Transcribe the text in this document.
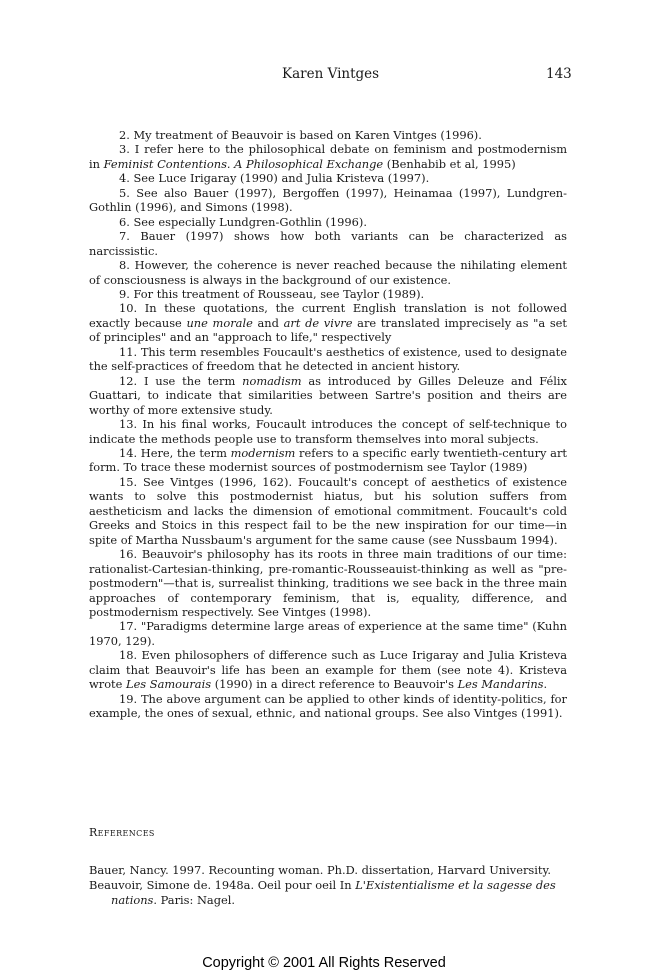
Karen Vintges	143

2. My treatment of Beauvoir is based on Karen Vintges (1996).

3. I refer here to the philosophical debate on feminism and postmodernism in Feminist Contentions. A Philosophical Exchange (Benhabib et al, 1995)

4. See Luce Irigaray (1990) and Julia Kristeva (1997).

5. See also Bauer (1997), Bergoffen (1997), Heinamaa (1997), Lundgren-Gothlin (1996), and Simons (1998).

6. See especially Lundgren-Gothlin (1996).

7. Bauer (1997) shows how both variants can be characterized as narcissistic.

8. However, the coherence is never reached because the nihilating element of consciousness is always in the background of our existence.

9. For this treatment of Rousseau, see Taylor (1989).

10. In these quotations, the current English translation is not followed exactly because une morale and art de vivre are translated imprecisely as "a set of principles" and an "approach to life," respectively

11. This term resembles Foucault's aesthetics of existence, used to designate the self-practices of freedom that he detected in ancient history.

12. I use the term nomadism as introduced by Gilles Deleuze and Félix Guattari, to indicate that similarities between Sartre's position and theirs are worthy of more extensive study.

13. In his final works, Foucault introduces the concept of self-technique to indicate the methods people use to transform themselves into moral subjects.

14. Here, the term modernism refers to a specific early twentieth-century art form. To trace these modernist sources of postmodernism see Taylor (1989)

15. See Vintges (1996, 162). Foucault's concept of aesthetics of existence wants to solve this postmodernist hiatus, but his solution suffers from aestheticism and lacks the dimension of emotional commitment. Foucault's cold Greeks and Stoics in this respect fail to be the new inspiration for our time—in spite of Martha Nussbaum's argument for the same cause (see Nussbaum 1994).

16. Beauvoir's philosophy has its roots in three main traditions of our time: rationalist-Cartesian-thinking, pre-romantic-Rousseauist-thinking as well as "pre-postmodern"—that is, surrealist thinking, traditions we see back in the three main approaches of contemporary feminism, that is, equality, difference, and postmodernism respectively. See Vintges (1998).

17. "Paradigms determine large areas of experience at the same time" (Kuhn 1970, 129).

18. Even philosophers of difference such as Luce Irigaray and Julia Kristeva claim that Beauvoir's life has been an example for them (see note 4). Kristeva wrote Les Samourais (1990) in a direct reference to Beauvoir's Les Mandarins.

19. The above argument can be applied to other kinds of identity-politics, for example, the ones of sexual, ethnic, and national groups. See also Vintges (1991).

References

Bauer, Nancy. 1997. Recounting woman. Ph.D. dissertation, Harvard University.

Beauvoir, Simone de. 1948a. Oeil pour oeil In L'Existentialisme et la sagesse des nations. Paris: Nagel.

Copyright © 2001 All Rights Reserved
